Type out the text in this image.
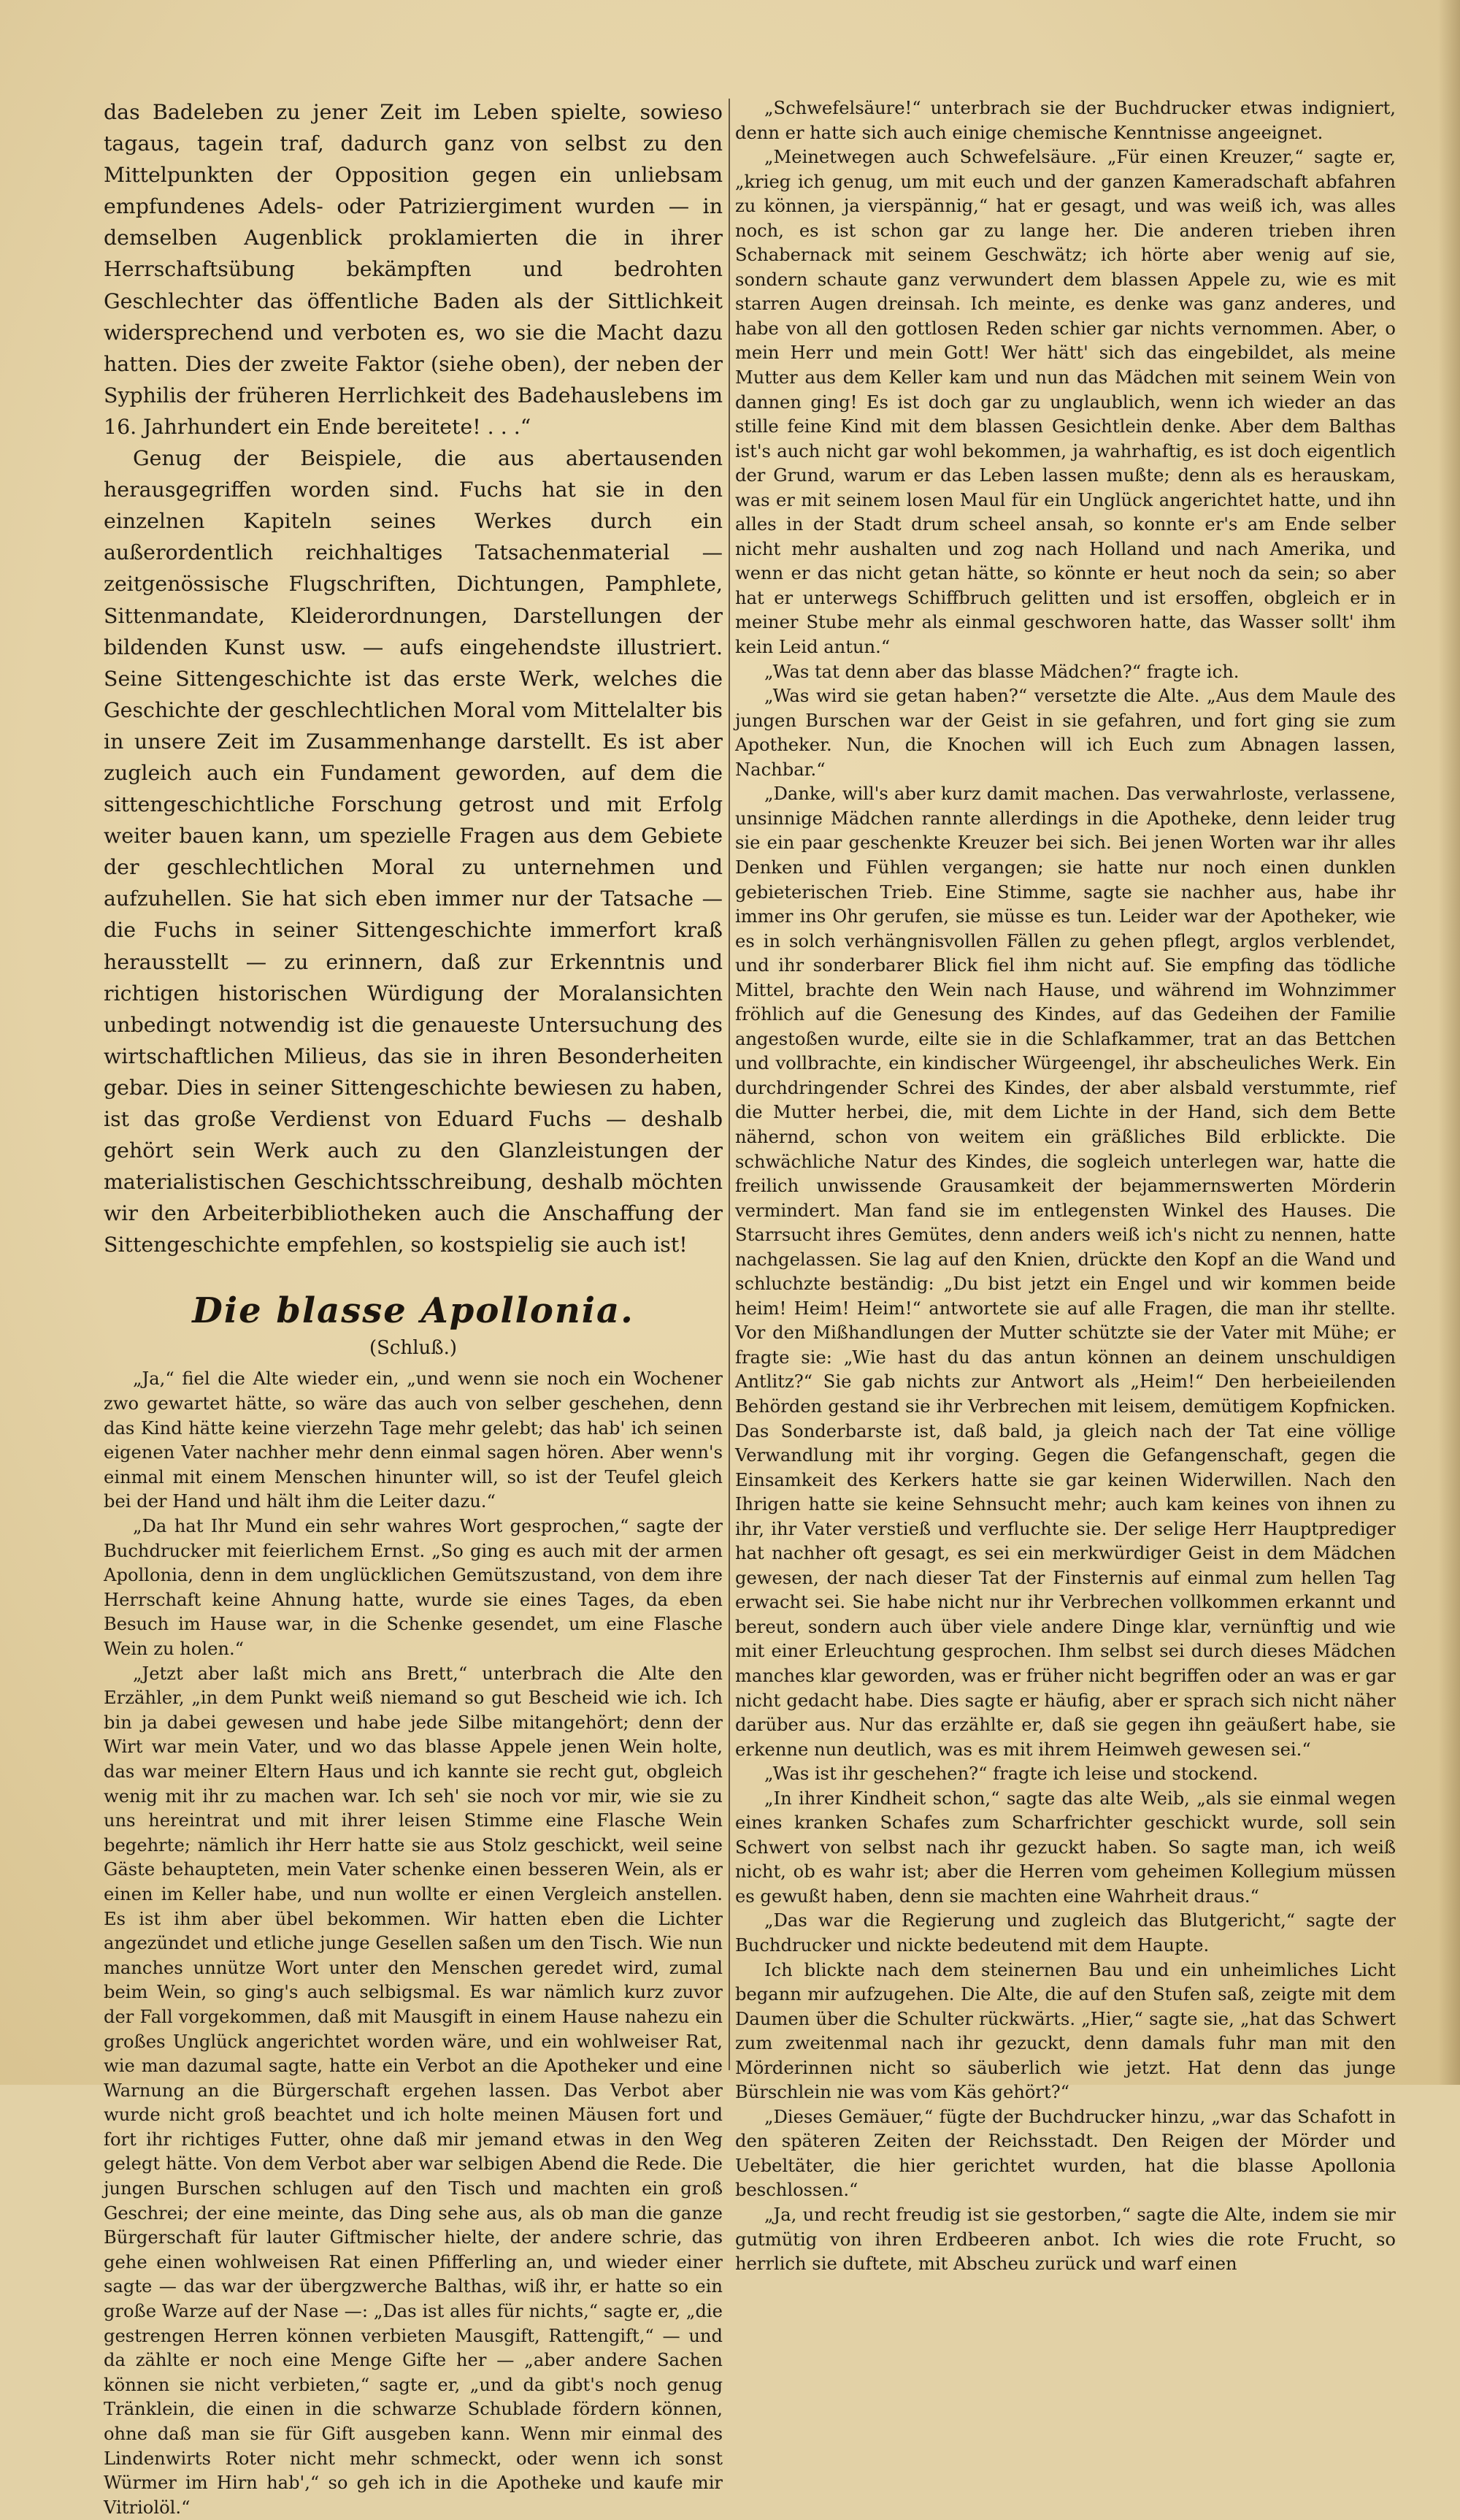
das Badeleben zu jener Zeit im Leben spielte, sowieso tagaus, tagein traf, dadurch ganz von selbst zu den Mittelpunkten der Opposition gegen ein unliebsam empfundenes Adels- oder Patriziergiment wurden — in demselben Augenblick proklamierten die in ihrer Herrschaftsübung bekämpften und bedrohten Geschlechter das öffentliche Baden als der Sittlichkeit widersprechend und verboten es, wo sie die Macht dazu hatten. Dies der zweite Faktor (siehe oben), der neben der Syphilis der früheren Herrlichkeit des Badehauslebens im 16. Jahrhundert ein Ende bereitete! . . .“

Genug der Beispiele, die aus abertausenden herausgegriffen worden sind. Fuchs hat sie in den einzelnen Kapiteln seines Werkes durch ein außerordentlich reichhaltiges Tatsachenmaterial — zeitgenössische Flugschriften, Dichtungen, Pamphlete, Sittenmandate, Kleiderordnungen, Darstellungen der bildenden Kunst usw. — aufs eingehendste illustriert. Seine Sittengeschichte ist das erste Werk, welches die Geschichte der geschlechtlichen Moral vom Mittelalter bis in unsere Zeit im Zusammenhange darstellt. Es ist aber zugleich auch ein Fundament geworden, auf dem die sittengeschichtliche Forschung getrost und mit Erfolg weiter bauen kann, um spezielle Fragen aus dem Gebiete der geschlechtlichen Moral zu unternehmen und aufzuhellen. Sie hat sich eben immer nur der Tatsache — die Fuchs in seiner Sittengeschichte immerfort kraß herausstellt — zu erinnern, daß zur Erkenntnis und richtigen historischen Würdigung der Moralansichten unbedingt notwendig ist die genaueste Untersuchung des wirtschaftlichen Milieus, das sie in ihren Besonderheiten gebar. Dies in seiner Sittengeschichte bewiesen zu haben, ist das große Verdienst von Eduard Fuchs — deshalb gehört sein Werk auch zu den Glanzleistungen der materialistischen Geschichtsschreibung, deshalb möchten wir den Arbeiterbibliotheken auch die Anschaffung der Sittengeschichte empfehlen, so kostspielig sie auch ist!

Die blasse Apollonia.
(Schluß.)

„Ja,“ fiel die Alte wieder ein, „und wenn sie noch ein Wochener zwo gewartet hätte, so wäre das auch von selber geschehen, denn das Kind hätte keine vierzehn Tage mehr gelebt; das hab' ich seinen eigenen Vater nachher mehr denn einmal sagen hören. Aber wenn's einmal mit einem Menschen hinunter will, so ist der Teufel gleich bei der Hand und hält ihm die Leiter dazu.“

„Da hat Ihr Mund ein sehr wahres Wort gesprochen,“ sagte der Buchdrucker mit feierlichem Ernst. „So ging es auch mit der armen Apollonia, denn in dem unglücklichen Gemütszustand, von dem ihre Herrschaft keine Ahnung hatte, wurde sie eines Tages, da eben Besuch im Hause war, in die Schenke gesendet, um eine Flasche Wein zu holen.“

„Jetzt aber laßt mich ans Brett,“ unterbrach die Alte den Erzähler, „in dem Punkt weiß niemand so gut Bescheid wie ich. Ich bin ja dabei gewesen und habe jede Silbe mitangehört; denn der Wirt war mein Vater, und wo das blasse Appele jenen Wein holte, das war meiner Eltern Haus und ich kannte sie recht gut, obgleich wenig mit ihr zu machen war. Ich seh' sie noch vor mir, wie sie zu uns hereintrat und mit ihrer leisen Stimme eine Flasche Wein begehrte; nämlich ihr Herr hatte sie aus Stolz geschickt, weil seine Gäste behaupteten, mein Vater schenke einen besseren Wein, als er einen im Keller habe, und nun wollte er einen Vergleich anstellen. Es ist ihm aber übel bekommen. Wir hatten eben die Lichter angezündet und etliche junge Gesellen saßen um den Tisch. Wie nun manches unnütze Wort unter den Menschen geredet wird, zumal beim Wein, so ging's auch selbigsmal. Es war nämlich kurz zuvor der Fall vorgekommen, daß mit Mausgift in einem Hause nahezu ein großes Unglück angerichtet worden wäre, und ein wohlweiser Rat, wie man dazumal sagte, hatte ein Verbot an die Apotheker und eine Warnung an die Bürgerschaft ergehen lassen. Das Verbot aber wurde nicht groß beachtet und ich holte meinen Mäusen fort und fort ihr richtiges Futter, ohne daß mir jemand etwas in den Weg gelegt hätte. Von dem Verbot aber war selbigen Abend die Rede. Die jungen Burschen schlugen auf den Tisch und machten ein groß Geschrei; der eine meinte, das Ding sehe aus, als ob man die ganze Bürgerschaft für lauter Giftmischer hielte, der andere schrie, das gehe einen wohlweisen Rat einen Pfifferling an, und wieder einer sagte — das war der übergzwerche Balthas, wiß ihr, er hatte so ein große Warze auf der Nase —: „Das ist alles für nichts,“ sagte er, „die gestrengen Herren können verbieten Mausgift, Rattengift,“ — und da zählte er noch eine Menge Gifte her — „aber andere Sachen können sie nicht verbieten,“ sagte er, „und da gibt's noch genug Tränklein, die einen in die schwarze Schublade fördern können, ohne daß man sie für Gift ausgeben kann. Wenn mir einmal des Lindenwirts Roter nicht mehr schmeckt, oder wenn ich sonst Würmer im Hirn hab',“ so geh ich in die Apotheke und kaufe mir Vitriolöl.“

„Schwefelsäure!“ unterbrach sie der Buchdrucker etwas indigniert, denn er hatte sich auch einige chemische Kenntnisse angeeignet.

„Meinetwegen auch Schwefelsäure. „Für einen Kreuzer,“ sagte er, „krieg ich genug, um mit euch und der ganzen Kameradschaft abfahren zu können, ja vierspännig,“ hat er gesagt, und was weiß ich, was alles noch, es ist schon gar zu lange her. Die anderen trieben ihren Schabernack mit seinem Geschwätz; ich hörte aber wenig auf sie, sondern schaute ganz verwundert dem blassen Appele zu, wie es mit starren Augen dreinsah. Ich meinte, es denke was ganz anderes, und habe von all den gottlosen Reden schier gar nichts vernommen. Aber, o mein Herr und mein Gott! Wer hätt' sich das eingebildet, als meine Mutter aus dem Keller kam und nun das Mädchen mit seinem Wein von dannen ging! Es ist doch gar zu unglaublich, wenn ich wieder an das stille feine Kind mit dem blassen Gesichtlein denke. Aber dem Balthas ist's auch nicht gar wohl bekommen, ja wahrhaftig, es ist doch eigentlich der Grund, warum er das Leben lassen mußte; denn als es herauskam, was er mit seinem losen Maul für ein Unglück angerichtet hatte, und ihn alles in der Stadt drum scheel ansah, so konnte er's am Ende selber nicht mehr aushalten und zog nach Holland und nach Amerika, und wenn er das nicht getan hätte, so könnte er heut noch da sein; so aber hat er unterwegs Schiffbruch gelitten und ist ersoffen, obgleich er in meiner Stube mehr als einmal geschworen hatte, das Wasser sollt' ihm kein Leid antun.“

„Was tat denn aber das blasse Mädchen?“ fragte ich.

„Was wird sie getan haben?“ versetzte die Alte. „Aus dem Maule des jungen Burschen war der Geist in sie gefahren, und fort ging sie zum Apotheker. Nun, die Knochen will ich Euch zum Abnagen lassen, Nachbar.“

„Danke, will's aber kurz damit machen. Das verwahrloste, verlassene, unsinnige Mädchen rannte allerdings in die Apotheke, denn leider trug sie ein paar geschenkte Kreuzer bei sich. Bei jenen Worten war ihr alles Denken und Fühlen vergangen; sie hatte nur noch einen dunklen gebieterischen Trieb. Eine Stimme, sagte sie nachher aus, habe ihr immer ins Ohr gerufen, sie müsse es tun. Leider war der Apotheker, wie es in solch verhängnisvollen Fällen zu gehen pflegt, arglos verblendet, und ihr sonderbarer Blick fiel ihm nicht auf. Sie empfing das tödliche Mittel, brachte den Wein nach Hause, und während im Wohnzimmer fröhlich auf die Genesung des Kindes, auf das Gedeihen der Familie angestoßen wurde, eilte sie in die Schlafkammer, trat an das Bettchen und vollbrachte, ein kindischer Würgeengel, ihr abscheuliches Werk. Ein durchdringender Schrei des Kindes, der aber alsbald verstummte, rief die Mutter herbei, die, mit dem Lichte in der Hand, sich dem Bette nähernd, schon von weitem ein gräßliches Bild erblickte. Die schwächliche Natur des Kindes, die sogleich unterlegen war, hatte die freilich unwissende Grausamkeit der bejammernswerten Mörderin vermindert. Man fand sie im entlegensten Winkel des Hauses. Die Starrsucht ihres Gemütes, denn anders weiß ich's nicht zu nennen, hatte nachgelassen. Sie lag auf den Knien, drückte den Kopf an die Wand und schluchzte beständig: „Du bist jetzt ein Engel und wir kommen beide heim! Heim! Heim!“ antwortete sie auf alle Fragen, die man ihr stellte. Vor den Mißhandlungen der Mutter schützte sie der Vater mit Mühe; er fragte sie: „Wie hast du das antun können an deinem unschuldigen Antlitz?“ Sie gab nichts zur Antwort als „Heim!“ Den herbeieilenden Behörden gestand sie ihr Verbrechen mit leisem, demütigem Kopfnicken. Das Sonderbarste ist, daß bald, ja gleich nach der Tat eine völlige Verwandlung mit ihr vorging. Gegen die Gefangenschaft, gegen die Einsamkeit des Kerkers hatte sie gar keinen Widerwillen. Nach den Ihrigen hatte sie keine Sehnsucht mehr; auch kam keines von ihnen zu ihr, ihr Vater verstieß und verfluchte sie. Der selige Herr Hauptprediger hat nachher oft gesagt, es sei ein merkwürdiger Geist in dem Mädchen gewesen, der nach dieser Tat der Finsternis auf einmal zum hellen Tag erwacht sei. Sie habe nicht nur ihr Verbrechen vollkommen erkannt und bereut, sondern auch über viele andere Dinge klar, vernünftig und wie mit einer Erleuchtung gesprochen. Ihm selbst sei durch dieses Mädchen manches klar geworden, was er früher nicht begriffen oder an was er gar nicht gedacht habe. Dies sagte er häufig, aber er sprach sich nicht näher darüber aus. Nur das erzählte er, daß sie gegen ihn geäußert habe, sie erkenne nun deutlich, was es mit ihrem Heimweh gewesen sei.“

„Was ist ihr geschehen?“ fragte ich leise und stockend.

„In ihrer Kindheit schon,“ sagte das alte Weib, „als sie einmal wegen eines kranken Schafes zum Scharfrichter geschickt wurde, soll sein Schwert von selbst nach ihr gezuckt haben. So sagte man, ich weiß nicht, ob es wahr ist; aber die Herren vom geheimen Kollegium müssen es gewußt haben, denn sie machten eine Wahrheit draus.“

„Das war die Regierung und zugleich das Blutgericht,“ sagte der Buchdrucker und nickte bedeutend mit dem Haupte.

Ich blickte nach dem steinernen Bau und ein unheimliches Licht begann mir aufzugehen. Die Alte, die auf den Stufen saß, zeigte mit dem Daumen über die Schulter rückwärts. „Hier,“ sagte sie, „hat das Schwert zum zweitenmal nach ihr gezuckt, denn damals fuhr man mit den Mörderinnen nicht so säuberlich wie jetzt. Hat denn das junge Bürschlein nie was vom Käs gehört?“

„Dieses Gemäuer,“ fügte der Buchdrucker hinzu, „war das Schafott in den späteren Zeiten der Reichsstadt. Den Reigen der Mörder und Uebeltäter, die hier gerichtet wurden, hat die blasse Apollonia beschlossen.“

„Ja, und recht freudig ist sie gestorben,“ sagte die Alte, indem sie mir gutmütig von ihren Erdbeeren anbot. Ich wies die rote Frucht, so herrlich sie duftete, mit Abscheu zurück und warf einen
